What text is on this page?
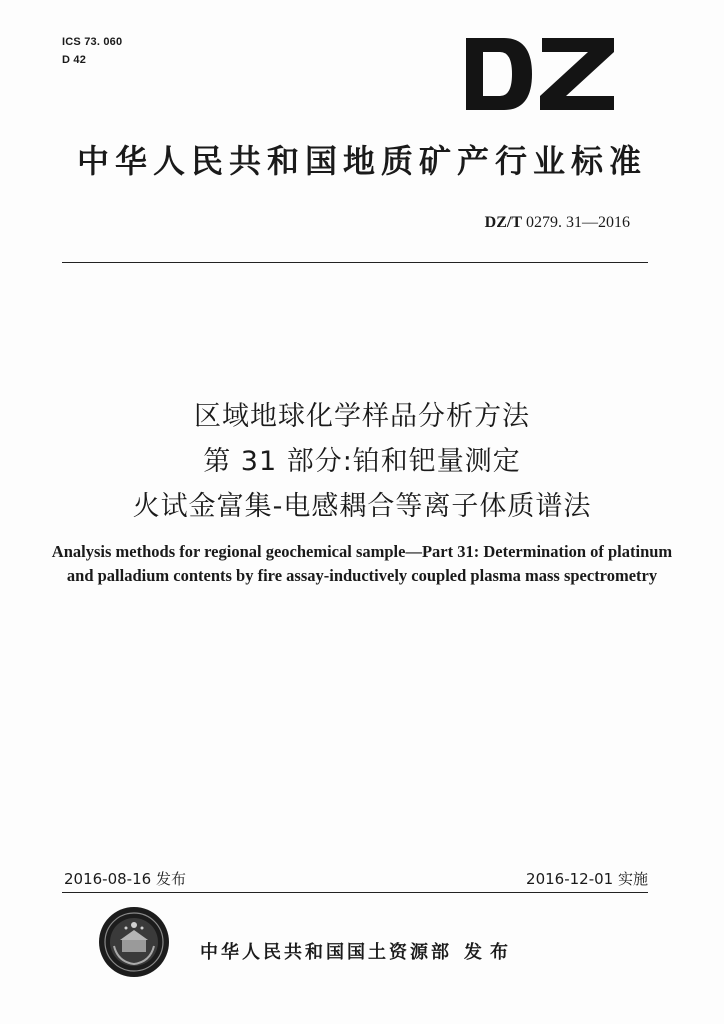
ICS 73. 060
D 42
中华人民共和国地质矿产行业标准
DZ/T 0279. 31—2016
区域地球化学样品分析方法
第 31 部分:铂和钯量测定
火试金富集-电感耦合等离子体质谱法
Analysis methods for regional geochemical sample—Part 31: Determination of platinum and palladium contents by fire assay-inductively coupled plasma mass spectrometry
2016-08-16 发布	2016-12-01 实施
中华人民共和国国土资源部 发布
